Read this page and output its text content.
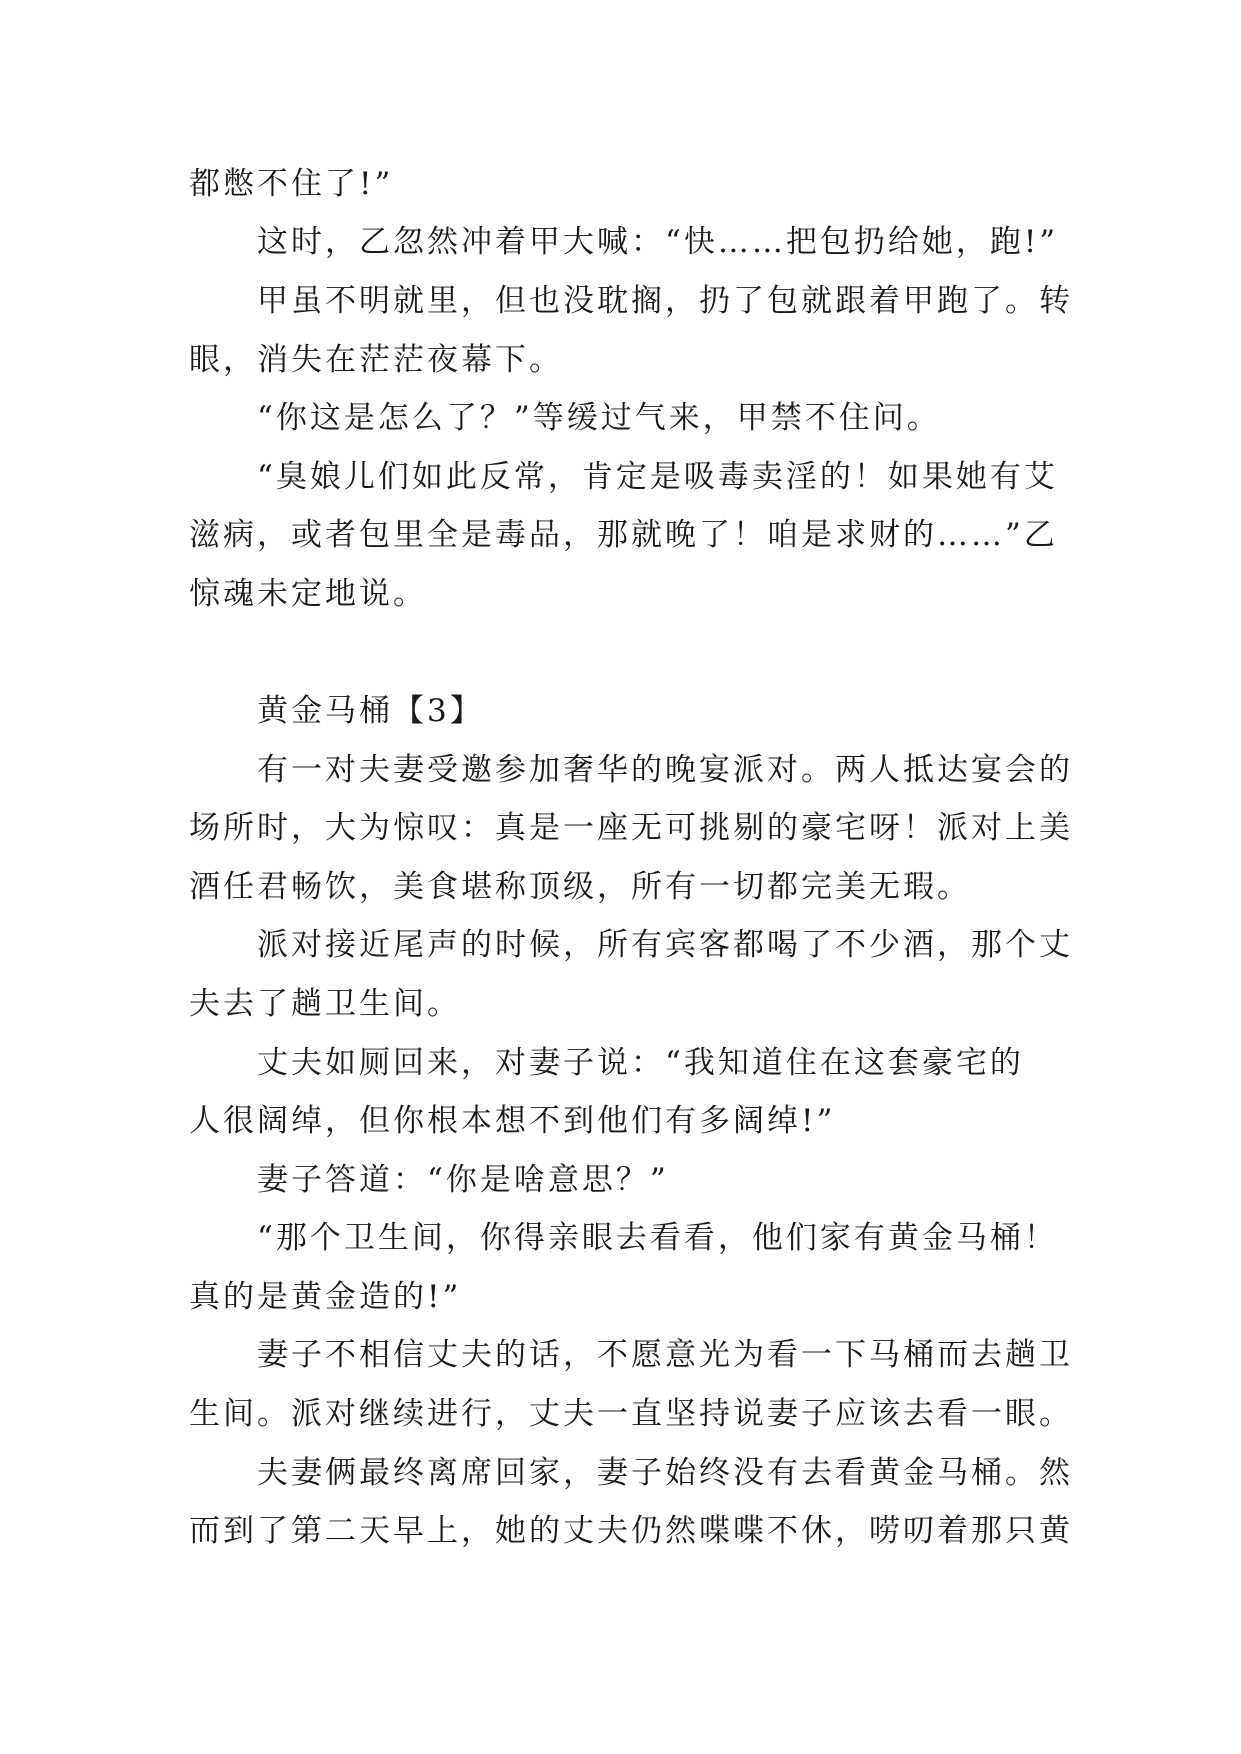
都憋不住了!”
这时，乙忽然冲着甲大喊：“快……把包扔给她，跑!”
甲虽不明就里，但也没耽搁，扔了包就跟着甲跑了。转
眼，消失在茫茫夜幕下。
“你这是怎么了？”等缓过气来，甲禁不住问。
“臭娘儿们如此反常，肯定是吸毒卖淫的！如果她有艾
滋病，或者包里全是毒品，那就晚了！咱是求财的……”乙
惊魂未定地说。
黄金马桶【3】
有一对夫妻受邀参加奢华的晚宴派对。两人抵达宴会的
场所时，大为惊叹：真是一座无可挑剔的豪宅呀！派对上美
酒任君畅饮，美食堪称顶级，所有一切都完美无瑕。
派对接近尾声的时候，所有宾客都喝了不少酒，那个丈
夫去了趟卫生间。
丈夫如厕回来，对妻子说：“我知道住在这套豪宅的
人很阔绰，但你根本想不到他们有多阔绰!”
妻子答道：“你是啥意思？”
“那个卫生间，你得亲眼去看看，他们家有黄金马桶！
真的是黄金造的!”
妻子不相信丈夫的话，不愿意光为看一下马桶而去趟卫
生间。派对继续进行，丈夫一直坚持说妻子应该去看一眼。
夫妻俩最终离席回家，妻子始终没有去看黄金马桶。然
而到了第二天早上，她的丈夫仍然喋喋不休，唠叨着那只黄
